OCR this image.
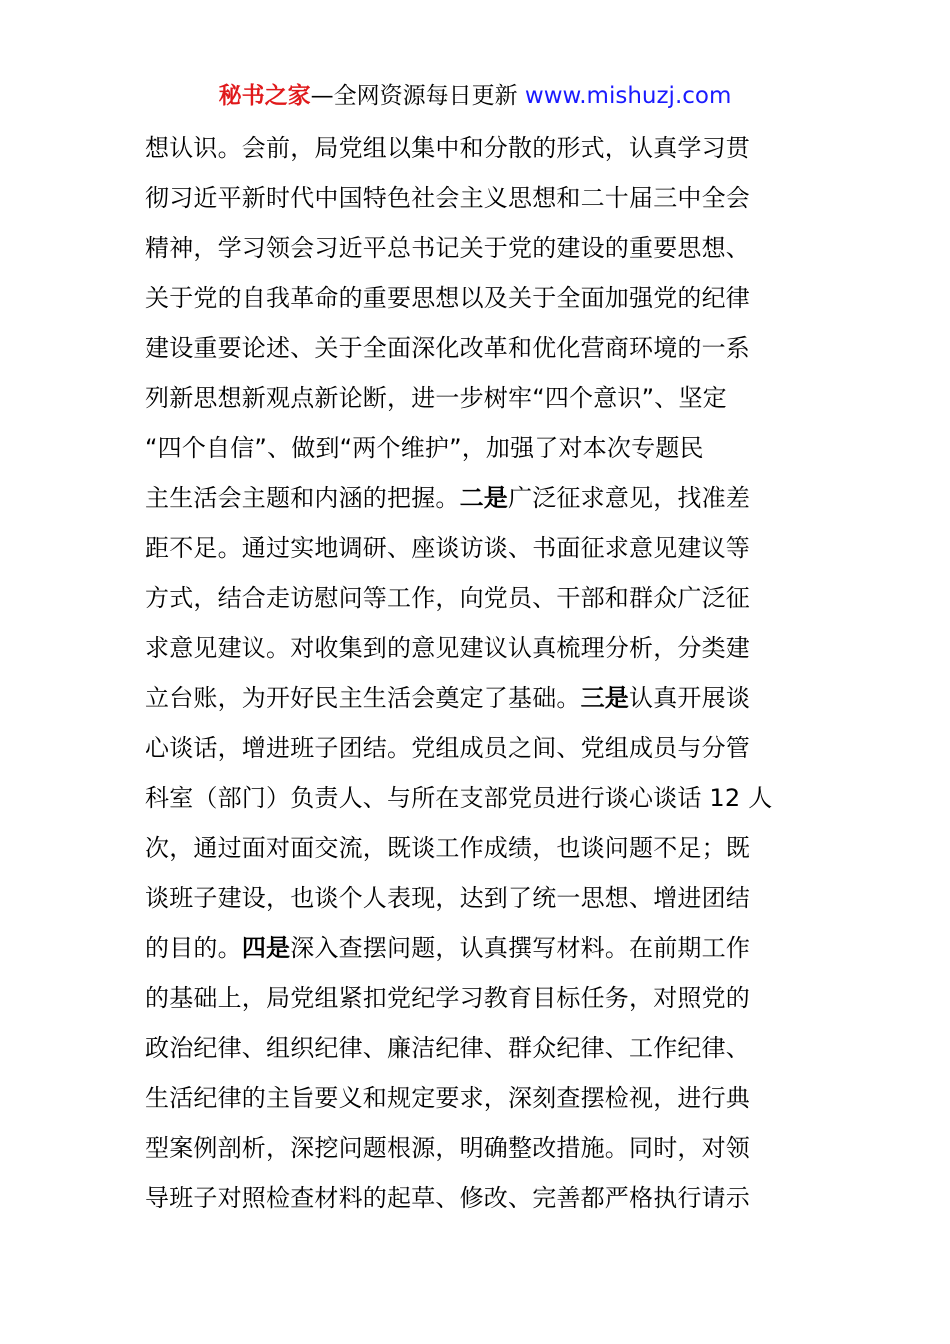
秘书之家—全网资源每日更新 www.mishuzj.com
想认识。会前，局党组以集中和分散的形式，认真学习贯
彻习近平新时代中国特色社会主义思想和二十届三中全会
精神，学习领会习近平总书记关于党的建设的重要思想、
关于党的自我革命的重要思想以及关于全面加强党的纪律
建设重要论述、关于全面深化改革和优化营商环境的一系
列新思想新观点新论断，进一步树牢“四个意识”、坚定
“四个自信”、做到“两个维护”，加强了对本次专题民
主生活会主题和内涵的把握。二是广泛征求意见，找准差
距不足。通过实地调研、座谈访谈、书面征求意见建议等
方式，结合走访慰问等工作，向党员、干部和群众广泛征
求意见建议。对收集到的意见建议认真梳理分析，分类建
立台账，为开好民主生活会奠定了基础。三是认真开展谈
心谈话，增进班子团结。党组成员之间、党组成员与分管
科室（部门）负责人、与所在支部党员进行谈心谈话 12 人
次，通过面对面交流，既谈工作成绩，也谈问题不足；既
谈班子建设，也谈个人表现，达到了统一思想、增进团结
的目的。四是深入查摆问题，认真撰写材料。在前期工作
的基础上，局党组紧扣党纪学习教育目标任务，对照党的
政治纪律、组织纪律、廉洁纪律、群众纪律、工作纪律、
生活纪律的主旨要义和规定要求，深刻查摆检视，进行典
型案例剖析，深挖问题根源，明确整改措施。同时，对领
导班子对照检查材料的起草、修改、完善都严格执行请示
